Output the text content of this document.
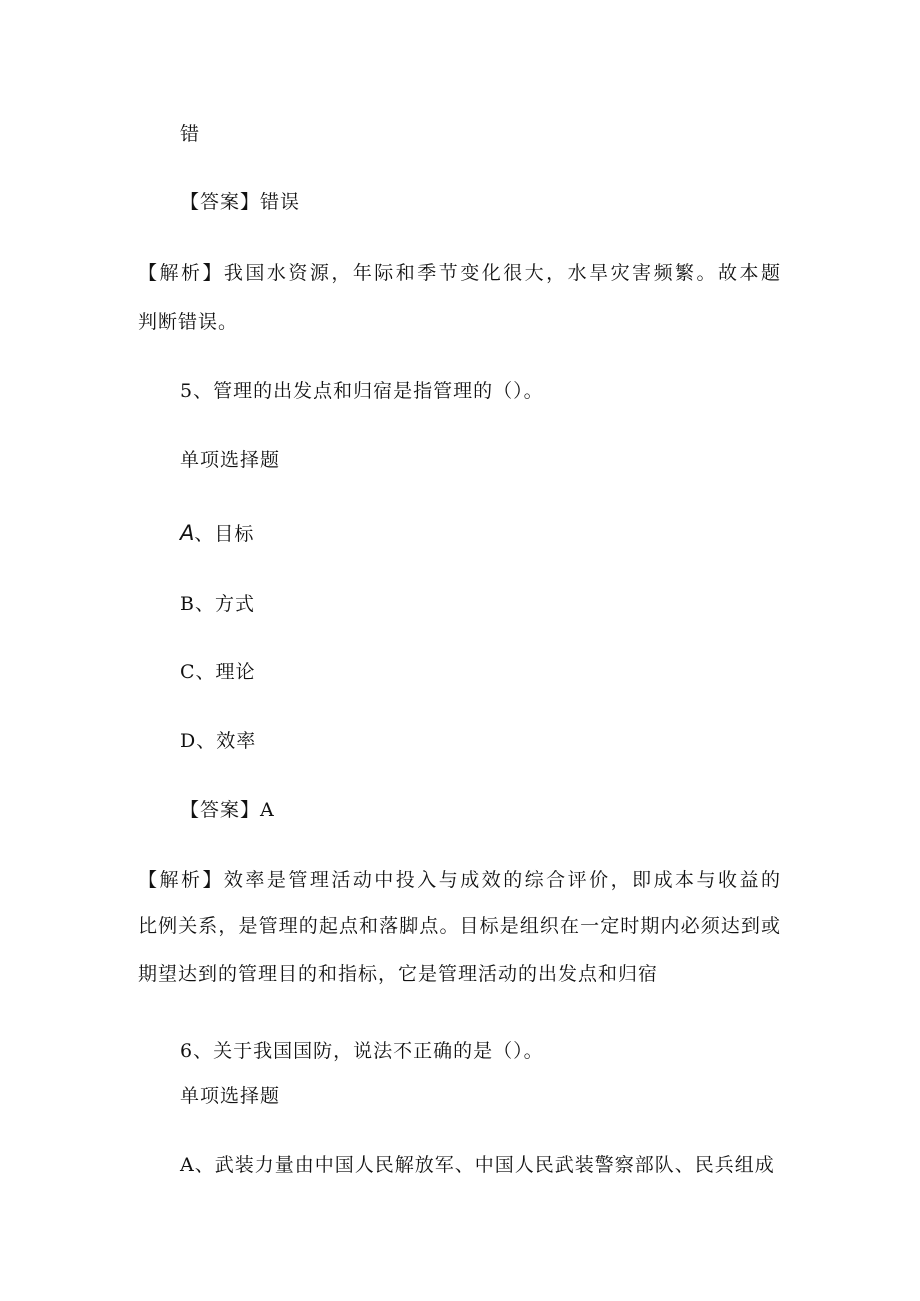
错
【答案】错误
【解析】我国水资源，年际和季节变化很大，水旱灾害频繁。故本题
判断错误。
5、管理的出发点和归宿是指管理的（）。
单项选择题
A、目标
B、方式
C、理论
D、效率
【答案】A
【解析】效率是管理活动中投入与成效的综合评价，即成本与收益的
比例关系，是管理的起点和落脚点。目标是组织在一定时期内必须达到或
期望达到的管理目的和指标，它是管理活动的出发点和归宿
6、关于我国国防，说法不正确的是（）。
单项选择题
A、武装力量由中国人民解放军、中国人民武装警察部队、民兵组成
